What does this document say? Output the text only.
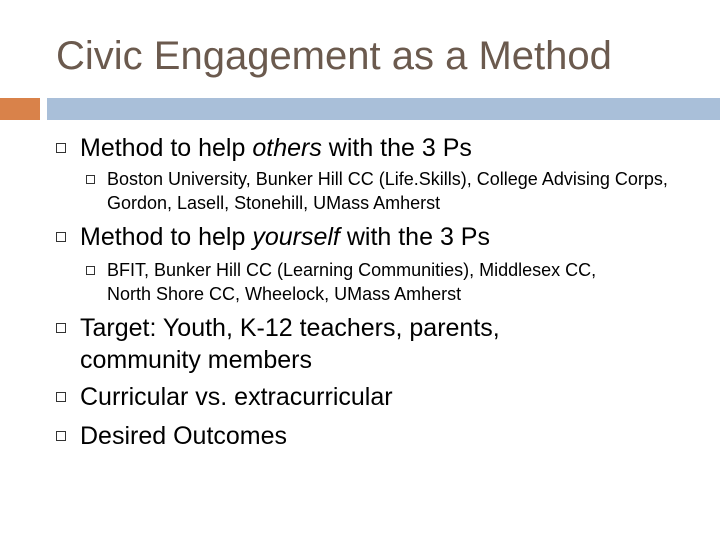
Civic Engagement as a Method
Method to help others with the 3 Ps
Boston University, Bunker Hill CC (Life.Skills), College Advising Corps, Gordon, Lasell, Stonehill, UMass Amherst
Method to help yourself with the 3 Ps
BFIT, Bunker Hill CC (Learning Communities), Middlesex CC, North Shore CC, Wheelock, UMass Amherst
Target: Youth, K-12 teachers, parents, community members
Curricular vs. extracurricular
Desired Outcomes
